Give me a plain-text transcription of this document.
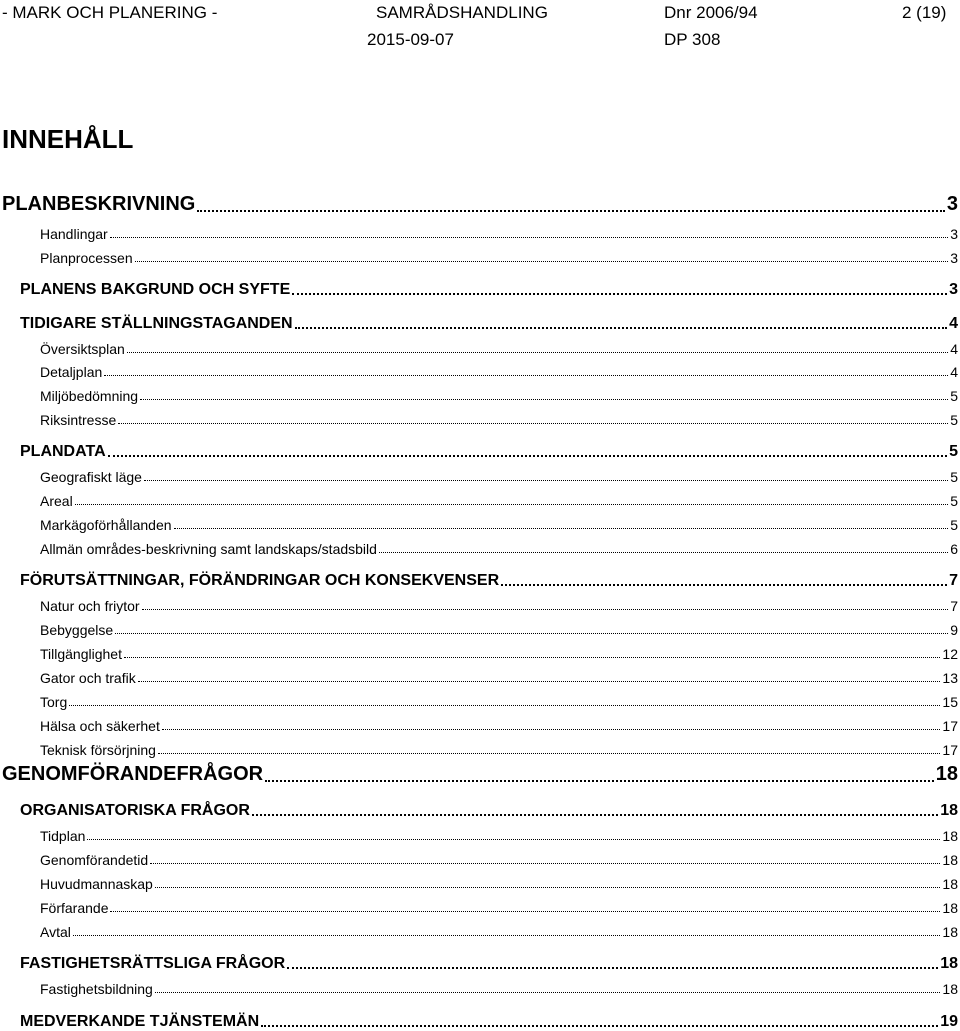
- MARK OCH PLANERING -	SAMRÅDSHANDLING
2015-09-07
Dnr 2006/94
DP 308
2 (19)
INNEHÅLL
PLANBESKRIVNING	3
Handlingar	3
Planprocessen	3
PLANENS BAKGRUND OCH SYFTE	3
TIDIGARE STÄLLNINGSTAGANDEN	4
Översiktsplan	4
Detaljplan	4
Miljöbedömning	5
Riksintresse	5
PLANDATA	5
Geografiskt läge	5
Areal	5
Markägoförhållanden	5
Allmän områdes-beskrivning samt landskaps/stadsbild	6
FÖRUTSÄTTNINGAR, FÖRÄNDRINGAR OCH KONSEKVENSER	7
Natur och friytor	7
Bebyggelse	9
Tillgänglighet	12
Gator och trafik	13
Torg	15
Hälsa och säkerhet	17
Teknisk försörjning	17
GENOMFÖRANDEFRÅGOR	18
ORGANISATORISKA FRÅGOR	18
Tidplan	18
Genomförandetid	18
Huvudmannaskap	18
Förfarande	18
Avtal	18
FASTIGHETSRÄTTSLIGA FRÅGOR	18
Fastighetsbildning	18
MEDVERKANDE TJÄNSTEMÄN	19
